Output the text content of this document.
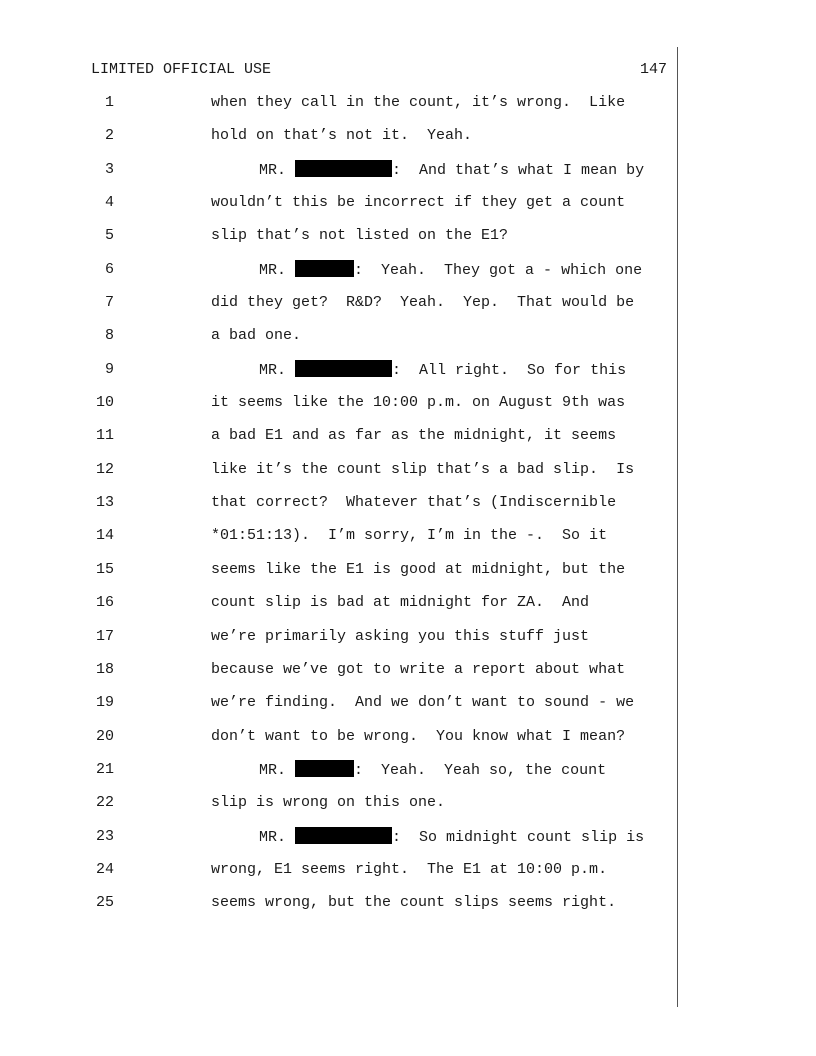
LIMITED OFFICIAL USE	147
1	when they call in the count, it’s wrong.  Like
2	hold on that’s not it.  Yeah.
3	MR.	:  And that’s what I mean by
4	wouldn’t this be incorrect if they get a count
5	slip that’s not listed on the E1?
6	MR.	:  Yeah.  They got a - which one
7	did they get?  R&D?  Yeah.  Yep.  That would be
8	a bad one.
9	MR.	:  All right.  So for this
10	it seems like the 10:00 p.m. on August 9th was
11	a bad E1 and as far as the midnight, it seems
12	like it’s the count slip that’s a bad slip.  Is
13	that correct?  Whatever that’s (Indiscernible
14	*01:51:13).  I’m sorry, I’m in the -.  So it
15	seems like the E1 is good at midnight, but the
16	count slip is bad at midnight for ZA.  And
17	we’re primarily asking you this stuff just
18	because we’ve got to write a report about what
19	we’re finding.  And we don’t want to sound - we
20	don’t want to be wrong.  You know what I mean?
21	MR.	:  Yeah.  Yeah so, the count
22	slip is wrong on this one.
23	MR.	:  So midnight count slip is
24	wrong, E1 seems right.  The E1 at 10:00 p.m.
25	seems wrong, but the count slips seems right.
